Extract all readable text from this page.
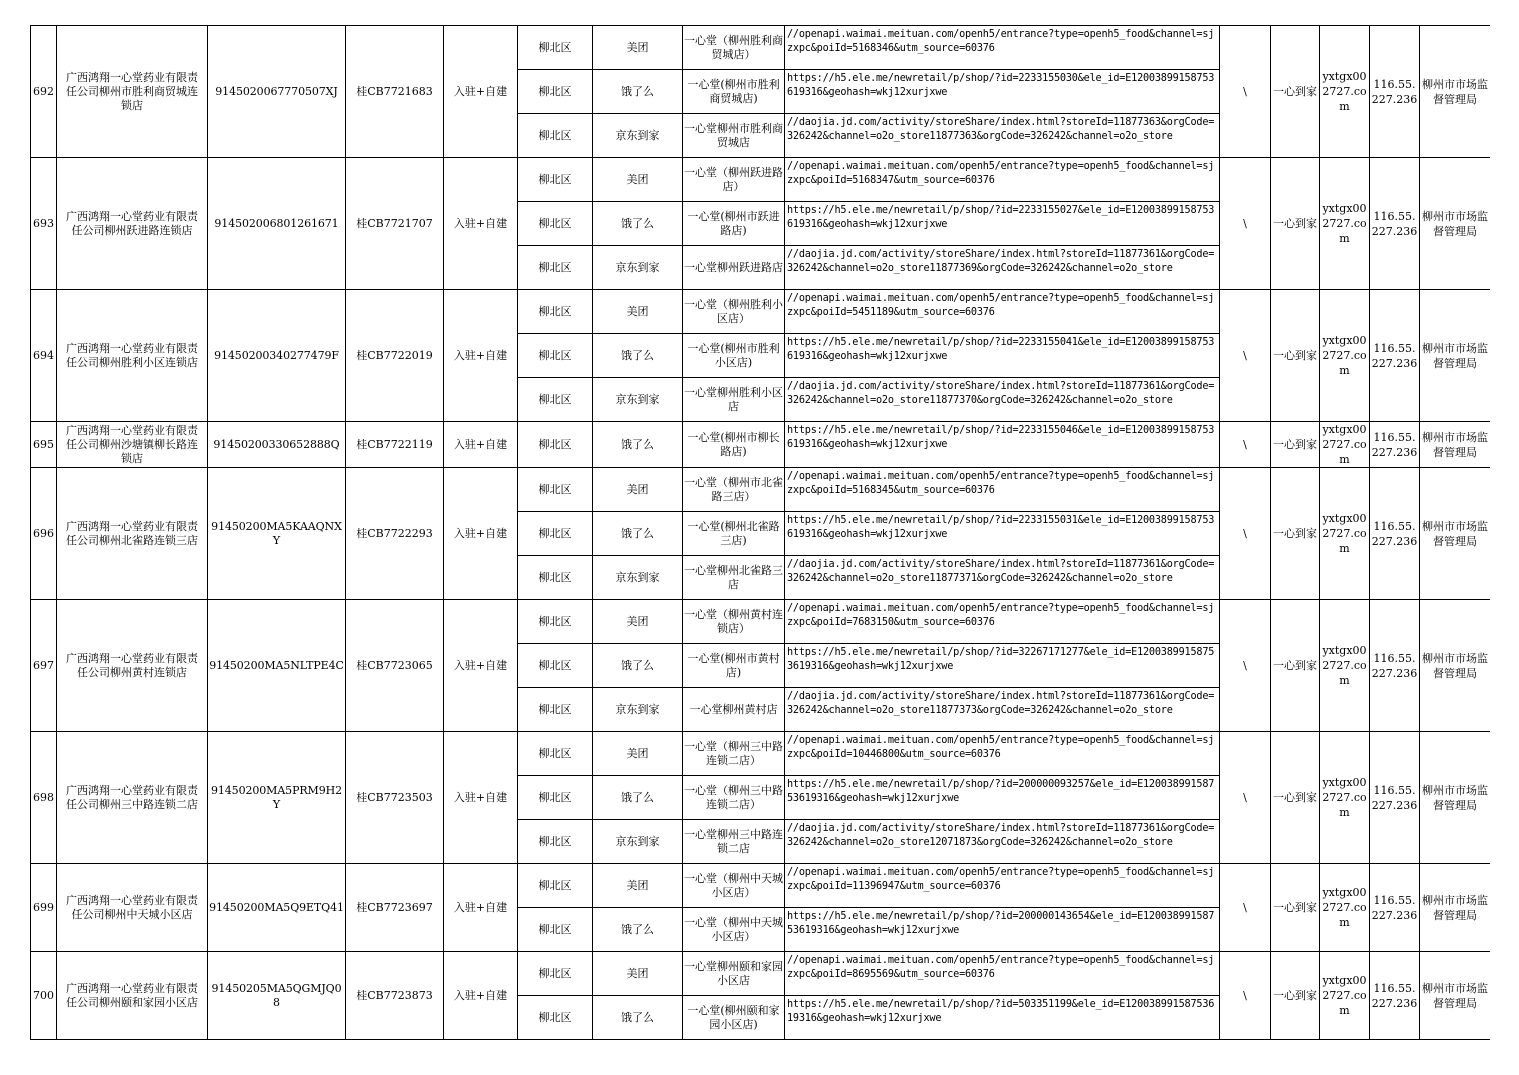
692	广西鸿翔一心堂药业有限责任公司柳州市胜利商贸城连锁店	9145020067770507XJ	桂CB7721683	入驻+自建	柳北区	美团	一心堂（柳州胜利商贸城店）	//openapi.waimai.meituan.com/openh5/entrance?type=openh5_food&channel=sjzxpc&poiId=5168346&utm_source=60376	\	一心到家	yxtgx002727.com	116.55.227.236	柳州市市场监督管理局
					柳北区	饿了么	一心堂(柳州市胜利商贸城店)	https://h5.ele.me/newretail/p/shop/?id=2233155030&ele_id=E12003899158753619316&geohash=wkj12xurjxwe					
					柳北区	京东到家	一心堂柳州市胜利商贸城店	//daojia.jd.com/activity/storeShare/index.html?storeId=11877363&orgCode=326242&channel=o2o_store11877363&orgCode=326242&channel=o2o_store					
693	广西鸿翔一心堂药业有限责任公司柳州跃进路连锁店	914502006801261671	桂CB7721707	入驻+自建	柳北区	美团	一心堂（柳州跃进路店）	//openapi.waimai.meituan.com/openh5/entrance?type=openh5_food&channel=sjzxpc&poiId=5168347&utm_source=60376	\	一心到家	yxtgx002727.com	116.55.227.236	柳州市市场监督管理局
					柳北区	饿了么	一心堂(柳州市跃进路店)	https://h5.ele.me/newretail/p/shop/?id=2233155027&ele_id=E12003899158753619316&geohash=wkj12xurjxwe					
					柳北区	京东到家	一心堂柳州跃进路店	//daojia.jd.com/activity/storeShare/index.html?storeId=11877361&orgCode=326242&channel=o2o_store11877369&orgCode=326242&channel=o2o_store					
694	广西鸿翔一心堂药业有限责任公司柳州胜利小区连锁店	9145020034027747​9F	桂CB7722019	入驻+自建	柳北区	美团	一心堂（柳州胜利小区店）	//openapi.waimai.meituan.com/openh5/entrance?type=openh5_food&channel=sjzxpc&poiId=5451189&utm_source=60376	\	一心到家	yxtgx002727.com	116.55.227.236	柳州市市场监督管理局
					柳北区	饿了么	一心堂(柳州市胜利小区店)	https://h5.ele.me/newretail/p/shop/?id=2233155041&ele_id=E12003899158753619316&geohash=wkj12xurjxwe					
					柳北区	京东到家	一心堂柳州胜利小区店	//daojia.jd.com/activity/storeShare/index.html?storeId=11877361&orgCode=326242&channel=o2o_store11877370&orgCode=326242&channel=o2o_store					
695	广西鸿翔一心堂药业有限责任公司柳州沙塘镇柳长路连锁店	91450200330652888Q	桂CB7722119	入驻+自建	柳北区	饿了么	一心堂(柳州市柳长路店)	https://h5.ele.me/newretail/p/shop/?id=2233155046&ele_id=E12003899158753619316&geohash=wkj12xurjxwe	\	一心到家	yxtgx002727.com	116.55.227.236	柳州市市场监督管理局
696	广西鸿翔一心堂药业有限责任公司柳州北雀路连锁三店	91450200MA5KAAQNXY	桂CB7722293	入驻+自建	柳北区	美团	一心堂（柳州市北雀路三店）	//openapi.waimai.meituan.com/openh5/entrance?type=openh5_food&channel=sjzxpc&poiId=5168345&utm_source=60376	\	一心到家	yxtgx002727.com	116.55.227.236	柳州市市场监督管理局
					柳北区	饿了么	一心堂(柳州北雀路三店)	https://h5.ele.me/newretail/p/shop/?id=2233155031&ele_id=E12003899158753619316&geohash=wkj12xurjxwe					
					柳北区	京东到家	一心堂柳州北雀路三店	//daojia.jd.com/activity/storeShare/index.html?storeId=11877361&orgCode=326242&channel=o2o_store11877371&orgCode=326242&channel=o2o_store					
697	广西鸿翔一心堂药业有限责任公司柳州黄村连锁店	91450200MA5NLTPE4C	桂CB7723065	入驻+自建	柳北区	美团	一心堂（柳州黄村连锁店）	//openapi.waimai.meituan.com/openh5/entrance?type=openh5_food&channel=sjzxpc&poiId=7683150&utm_source=60376	\	一心到家	yxtgx002727.com	116.55.227.236	柳州市市场监督管理局
					柳北区	饿了么	一心堂(柳州市黄村店)	https://h5.ele.me/newretail/p/shop/?id=32267171277&ele_id=E12003899158753619316&geohash=wkj12xurjxwe					
					柳北区	京东到家	一心堂柳州黄村店	//daojia.jd.com/activity/storeShare/index.html?storeId=11877361&orgCode=326242&channel=o2o_store11877373&orgCode=326242&channel=o2o_store					
698	广西鸿翔一心堂药业有限责任公司柳州三中路连锁二店	91450200MA5PRM9H2Y	桂CB7723503	入驻+自建	柳北区	美团	一心堂（柳州三中路连锁二店）	//openapi.waimai.meituan.com/openh5/entrance?type=openh5_food&channel=sjzxpc&poiId=10446800&utm_source=60376	\	一心到家	yxtgx002727.com	116.55.227.236	柳州市市场监督管理局
					柳北区	饿了么	一心堂（柳州三中路连锁二店）	https://h5.ele.me/newretail/p/shop/?id=200000093257&ele_id=E12003899158753619316&geohash=wkj12xurjxwe					
					柳北区	京东到家	一心堂柳州三中路连锁二店	//daojia.jd.com/activity/storeShare/index.html?storeId=11877361&orgCode=326242&channel=o2o_store12071873&orgCode=326242&channel=o2o_store					
699	广西鸿翔一心堂药业有限责任公司柳州中天城小区店	91450200MA5Q9ETQ41	桂CB7723697	入驻+自建	柳北区	美团	一心堂（柳州中天城小区店）	//openapi.waimai.meituan.com/openh5/entrance?type=openh5_food&channel=sjzxpc&poiId=11396947&utm_source=60376	\	一心到家	yxtgx002727.com	116.55.227.236	柳州市市场监督管理局
					柳北区	饿了么	一心堂（柳州中天城小区店）	https://h5.ele.me/newretail/p/shop/?id=200000143654&ele_id=E12003899158753619316&geohash=wkj12xurjxwe					
700	广西鸿翔一心堂药业有限责任公司柳州颐和家园小区店	91450205MA5QGMJQ08	桂CB7723873	入驻+自建	柳北区	美团	一心堂柳州颐和家园小区店	//openapi.waimai.meituan.com/openh5/entrance?type=openh5_food&channel=sjzxpc&poiId=8695569&utm_source=60376	\	一心到家	yxtgx002727.com	116.55.227.236	柳州市市场监督管理局
					柳北区	饿了么	一心堂(柳州颐和家园小区店)	https://h5.ele.me/newretail/p/shop/?id=503351199&ele_id=E12003899158753619316&geohash=wkj12xurjxwe					
